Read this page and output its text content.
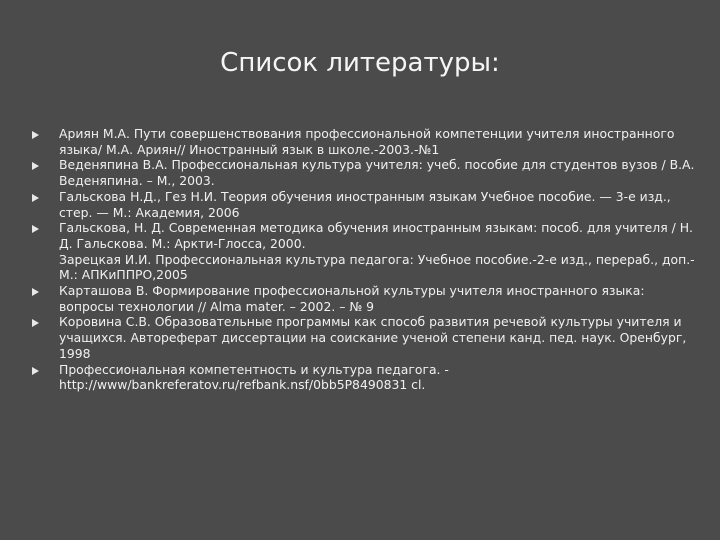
Список литературы:
Ариян М.А. Пути совершенствования профессиональной компетенции учителя иностранного
языка/ М.А. Ариян// Иностранный язык в школе.-2003.-№1
Веденяпина В.А. Профессиональная культура учителя: учеб. пособие для студентов вузов / В.А.
Веденяпина. – М., 2003.
Гальскова Н.Д., Гез Н.И. Теория обучения иностранным языкам Учебное пособие. — 3-е изд.,
стер. — М.: Академия, 2006
Гальскова, Н. Д. Современная методика обучения иностранным языкам: пособ. для учителя / Н.
Д. Гальскова. М.: Аркти-Глосса, 2000.
Зарецкая И.И. Профессиональная культура педагога: Учебное пособие.-2-е изд., перераб., доп.-
М.: АПКиППРО,2005
Карташова В. Формирование профессиональной культуры учителя иностранного языка:
вопросы технологии // Alma mater. – 2002. – № 9
Коровина С.В. Образовательные программы как способ развития речевой культуры учителя и
учащихся. Автореферат диссертации на соискание ученой степени канд. пед. наук. Оренбург,
1998
Профессиональная компетентность и культура педагога. -
http://www/bankreferatov.ru/refbank.nsf/0bb5P8490831 cl.
